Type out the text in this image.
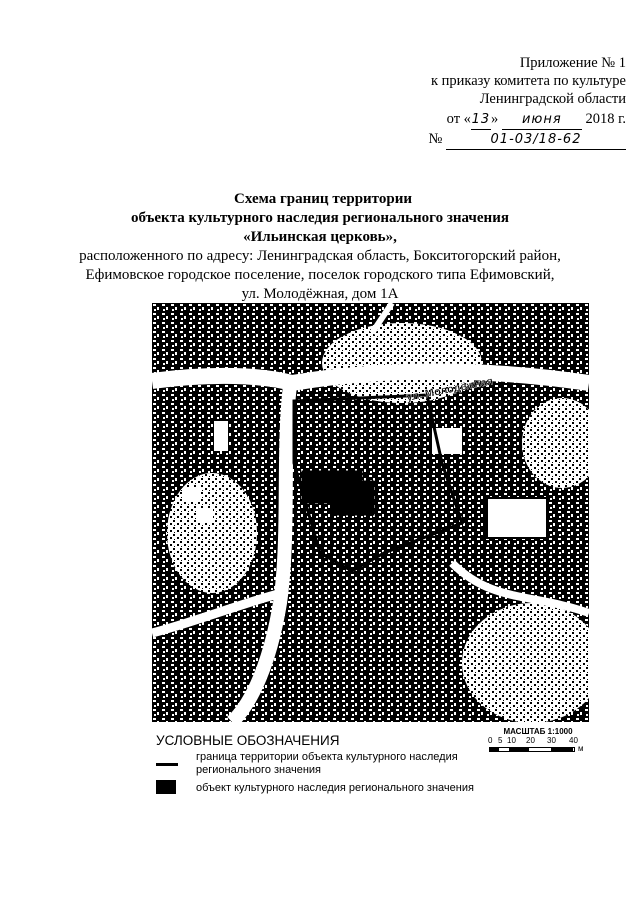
Приложение № 1
к приказу комитета по культуре
Ленинградской области
от «13» июня 2018 г.
№	01-03/18-62
Схема границ территории
объекта культурного наследия регионального значения
«Ильинская церковь»,
расположенного по адресу: Ленинградская область, Бокситогорский район,
Ефимовское городское поселение, поселок городского типа Ефимовский,
ул. Молодёжная, дом 1А
ул. Молодёжная
МАСШТАБ 1:1000
0 5 10 20 30 40
м
УСЛОВНЫЕ ОБОЗНАЧЕНИЯ
граница территории объекта культурного наследия
регионального значения
объект культурного наследия регионального значения
